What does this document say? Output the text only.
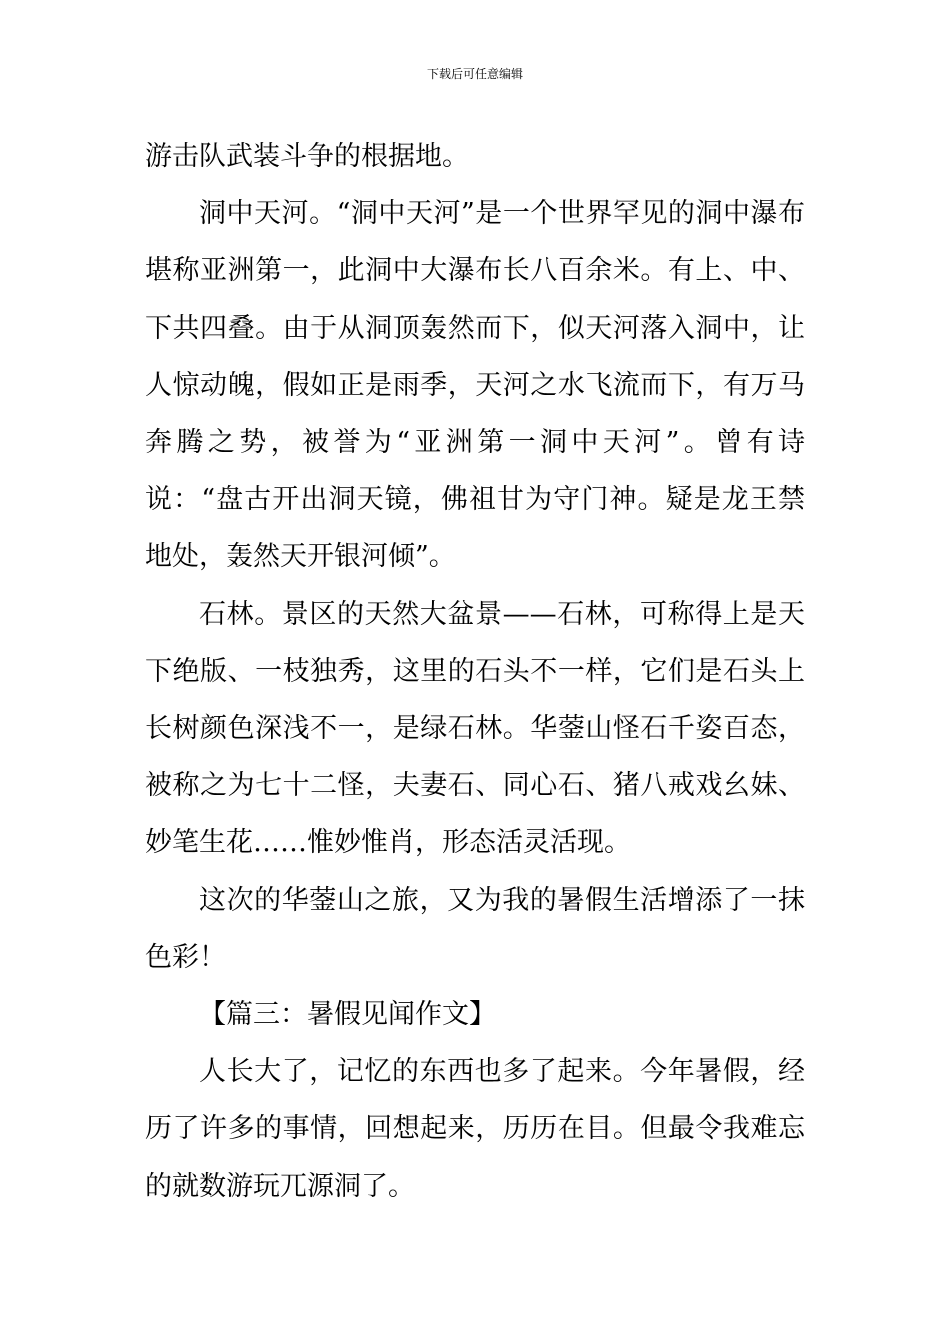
下载后可任意编辑

游击队武装斗争的根据地。

洞中天河。“洞中天河”是一个世界罕见的洞中瀑布堪称亚洲第一，此洞中大瀑布长八百余米。有上、中、下共四叠。由于从洞顶轰然而下，似天河落入洞中，让人惊动魄，假如正是雨季，天河之水飞流而下，有万马奔腾之势，被誉为“亚洲第一洞中天河”。曾有诗说：“盘古开出洞天镜，佛祖甘为守门神。疑是龙王禁地处，轰然天开银河倾”。

石林。景区的天然大盆景——石林，可称得上是天下绝版、一枝独秀，这里的石头不一样，它们是石头上长树颜色深浅不一，是绿石林。华蓥山怪石千姿百态，被称之为七十二怪，夫妻石、同心石、猪八戒戏幺妹、妙笔生花……惟妙惟肖，形态活灵活现。

这次的华蓥山之旅，又为我的暑假生活增添了一抹色彩！

【篇三：暑假见闻作文】

人长大了，记忆的东西也多了起来。今年暑假，经历了许多的事情，回想起来，历历在目。但最令我难忘的就数游玩兀源洞了。
